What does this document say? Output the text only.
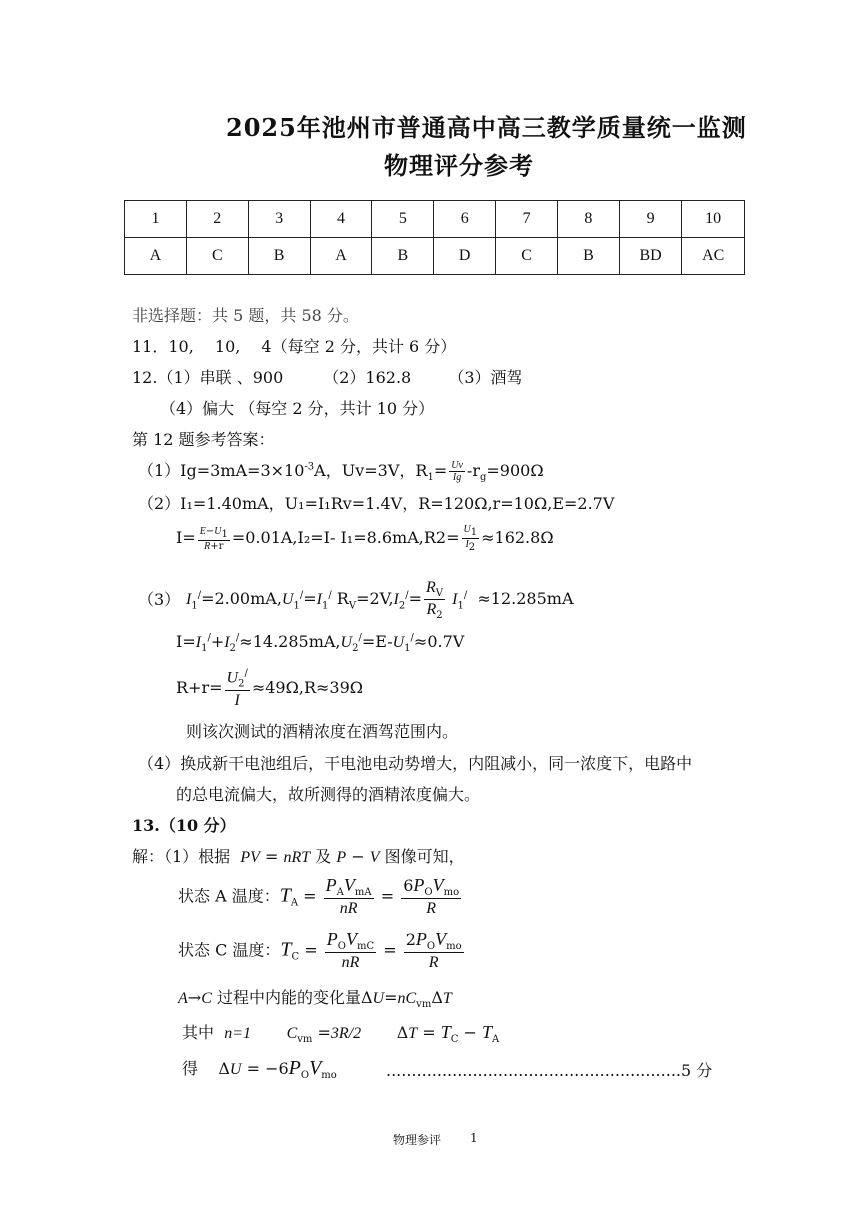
2025年池州市普通高中高三教学质量统一监测
物理评分参考
1	2	3	4	5	6	7	8	9	10
A	C	B	A	B	D	C	B	BD	AC
非选择题：共 5 题，共 58 分。
11．10,　 10,　 4（每空 2 分，共计 6 分）
12.（1）串联 、900　　　（2）162.8　　 （3）酒驾
（4）偏大 （每空 2 分，共计 10 分）
第 12 题参考答案：
$(1)Ig=3mA=3\times 10^{-3}A$，Uv=3V，$R_1= \frac{Uv}{Ig} -r_g=900\Omega$
（2）I₁=1.40mA，U₁=I₁Rv=1.4V，R=120Ω,r=10Ω,E=2.7V
$I= \frac{E-U_1}{R+r} =0.01A,I_2=I-$ $I_1=8.6mA,R2= \frac{U_1}{I_2} \approx 162.8\Omega$
（3） $I_1^/=2.00mA,U_1^/=I_1^/$ $R_V=2V,I_2^/= \frac{R_V}{R_2} I_1^/ \approx 12.285mA$
$I=I_1^/+I_2^/\approx 14.285mA,U_2^/=E-U_1^/\approx 0.7V$
$R+r= \frac{U_2^/}{I} \approx 49\Omega,R\approx 39\Omega$
则该次测试的酒精浓度在酒驾范围内。
（4）换成新干电池组后，干电池电动势增大，内阻减小，同一浓度下，电路中
的总电流偏大，故所测得的酒精浓度偏大。
13.（10 分）
解：（1）根据 PV = nRT 及 P − V 图像可知，
状态 A 温度：$T_A = \frac{P_AV_{mA}}{nR} = \frac{6P_OV_{mo}}{R}$
状态 C 温度：$T_C = \frac{P_OV_{mC}}{nR} = \frac{2P_OV_{mo}}{R}$
A→C 过程中内能的变化量$\Delta U=nC_{vm}\Delta T$
其中 n=1 $C_{vm} =3R/2$       $\Delta T = T_C - T_A$
得    $\Delta U = -6P_OV_{mo}$	..........................................................5 分
物理参评 1
